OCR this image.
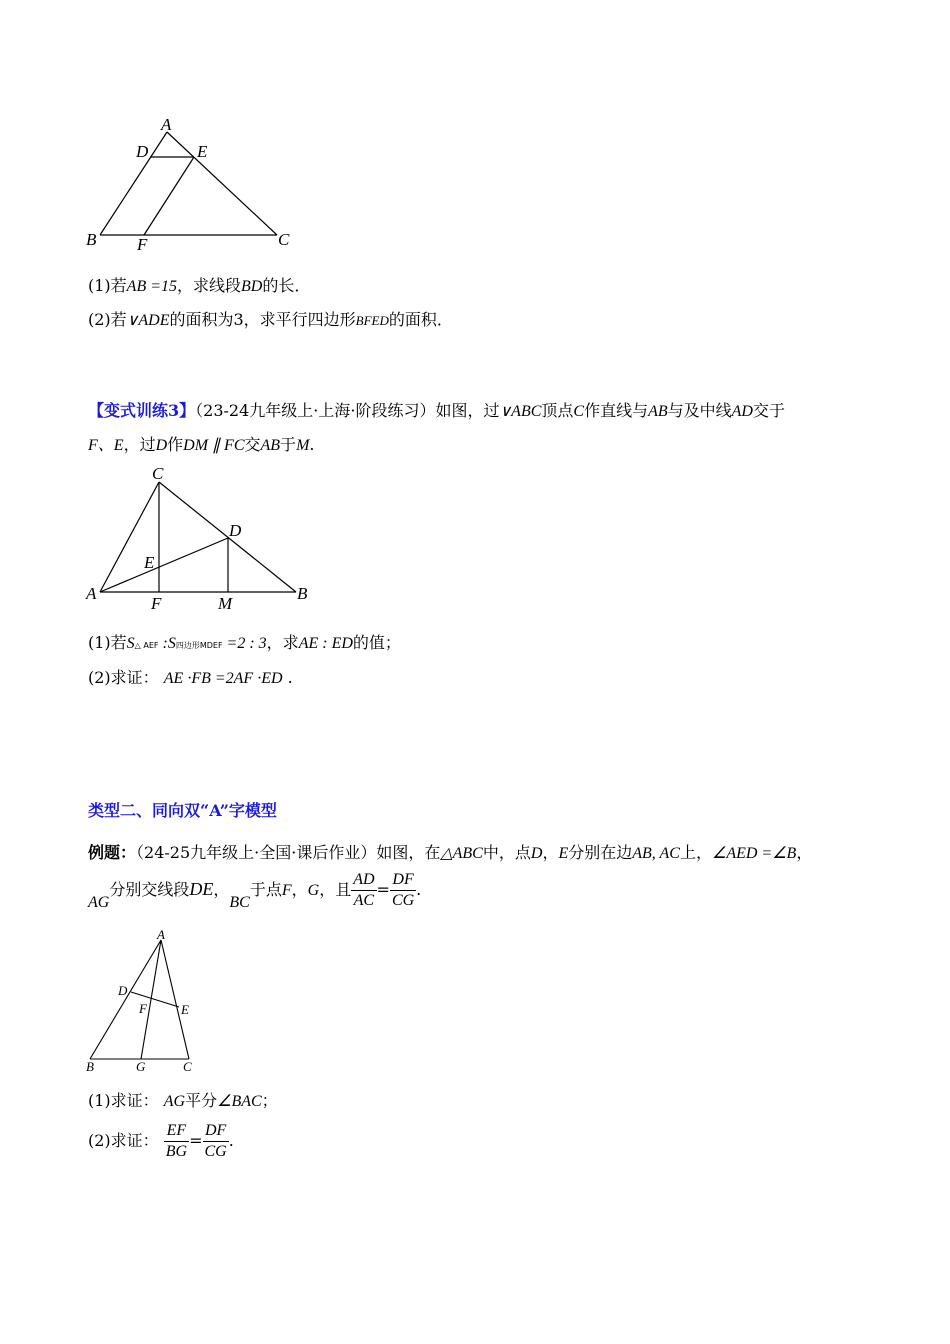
A
D	E
B F	C
(1)若AB =15，求线段BD的长．
(2)若∨ADE的面积为3，求平行四边形BFED的面积．
【变式训练3】（23-24九年级上·上海·阶段练习）如图，过∨ABC顶点C作直线与AB与及中线AD交于
F、E，过D作DM ∥ FC交AB于M.
C
D
E
A
F	M
B
(1)若S△ AEF :S四边形MDEF =2 : 3，求AE : ED的值；
(2)求证： AE ·FB =2AF ·ED .
类型二、同向双“A”字模型
例题：（24-25九年级上·全国·课后作业）如图，在△ABC中，点D，E分别在边AB, AC上，∠AED =∠B，
AG分别交线段DE，BC于点F，G，且 $\frac{AD}{AC} = \frac{DF}{CG}$ .
A
D
F	E
B	G	C
(1)求证： AG平分∠BAC；
(2)求证： $\frac{EF}{BG} = \frac{DF}{CG}$ .
